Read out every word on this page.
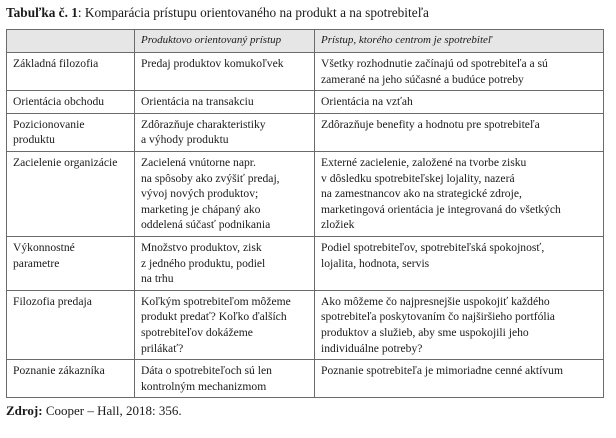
Tabuľka č. 1: Komparácia prístupu orientovaného na produkt a na spotrebiteľa
	Produktovo orientovaný prístup	Prístup, ktorého centrom je spotrebiteľ

Základná filozofia	Predaj produktov komukoľvek	Všetky rozhodnutie začínajú od spotrebiteľa a sú
zamerané na jeho súčasné a budúce potreby

Orientácia obchodu	Orientácia na transakciu	Orientácia na vzťah

Pozicionovanie
produktu	Zdôrazňuje charakteristiky
a výhody produktu	Zdôrazňuje benefity a hodnotu pre spotrebiteľa

Zacielenie organizácie	Zacielená vnútorne napr.
na spôsoby ako zvýšiť predaj,
vývoj nových produktov;
marketing je chápaný ako
oddelená súčasť podnikania	Externé zacielenie, založené na tvorbe zisku
v dôsledku spotrebiteľskej lojality, nazerá
na zamestnancov ako na strategické zdroje,
marketingová orientácia je integrovaná do všetkých
zložiek

Výkonnostné
parametre	Množstvo produktov, zisk
z jedného produktu, podiel
na trhu	Podiel spotrebiteľov, spotrebiteľská spokojnosť,
lojalita, hodnota, servis

Filozofia predaja	Koľkým spotrebiteľom môžeme
produkt predať? Koľko ďalších
spotrebiteľov dokážeme
prilákať?	Ako môžeme čo najpresnejšie uspokojiť každého
spotrebiteľa poskytovaním čo najširšieho portfólia
produktov a služieb, aby sme uspokojili jeho
individuálne potreby?

Poznanie zákazníka	Dáta o spotrebiteľoch sú len
kontrolným mechanizmom	Poznanie spotrebiteľa je mimoriadne cenné aktívum
Zdroj: Cooper – Hall, 2018: 356.
